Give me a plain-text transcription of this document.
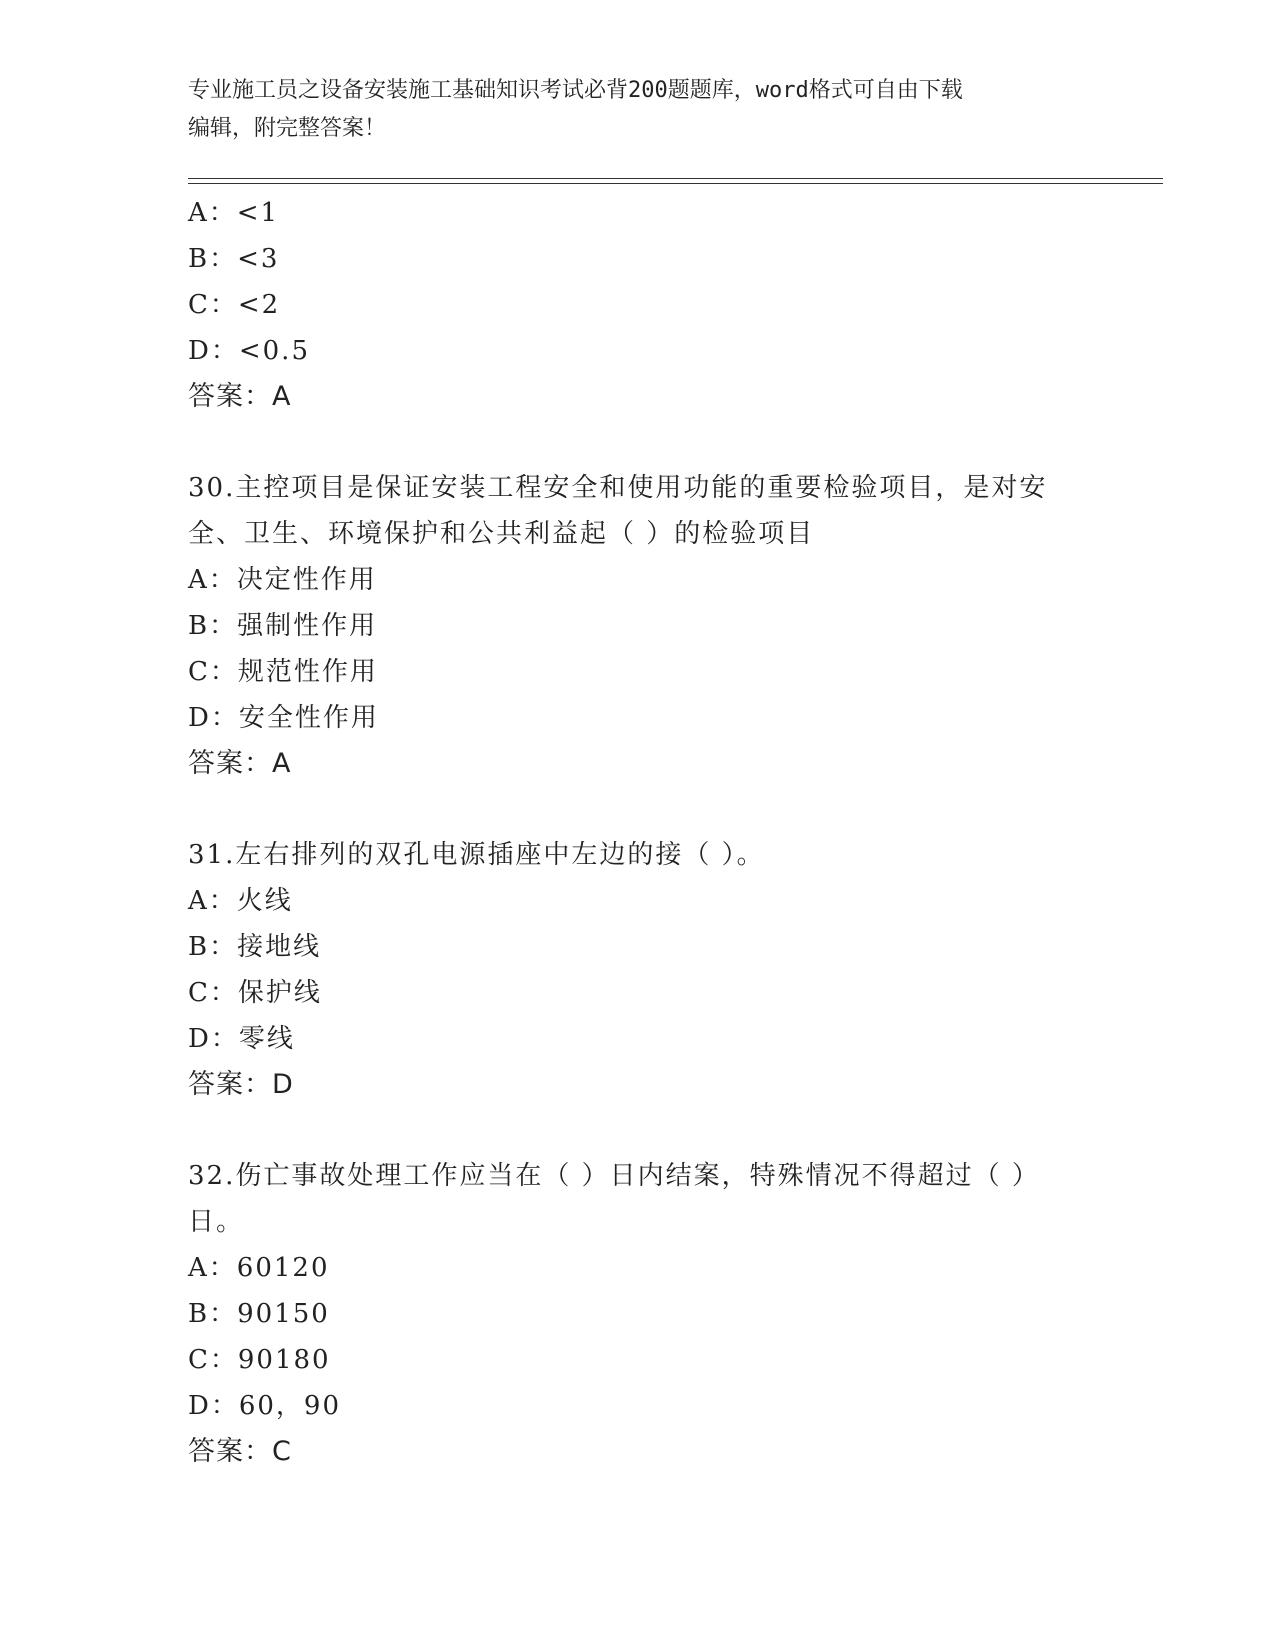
专业施工员之设备安装施工基础知识考试必背200题题库，word格式可自由下载
编辑，附完整答案！
A：<1
B：<3
C：<2
D：<0.5
答案：A
30.主控项目是保证安装工程安全和使用功能的重要检验项目，是对安
全、卫生、环境保护和公共利益起（ ）的检验项目
A：决定性作用
B：强制性作用
C：规范性作用
D：安全性作用
答案：A
31.左右排列的双孔电源插座中左边的接（ ）。
A：火线
B：接地线
C：保护线
D：零线
答案：D
32.伤亡事故处理工作应当在（ ）日内结案，特殊情况不得超过（ ）
日。
A：60120
B：90150
C：90180
D：60，90
答案：C
